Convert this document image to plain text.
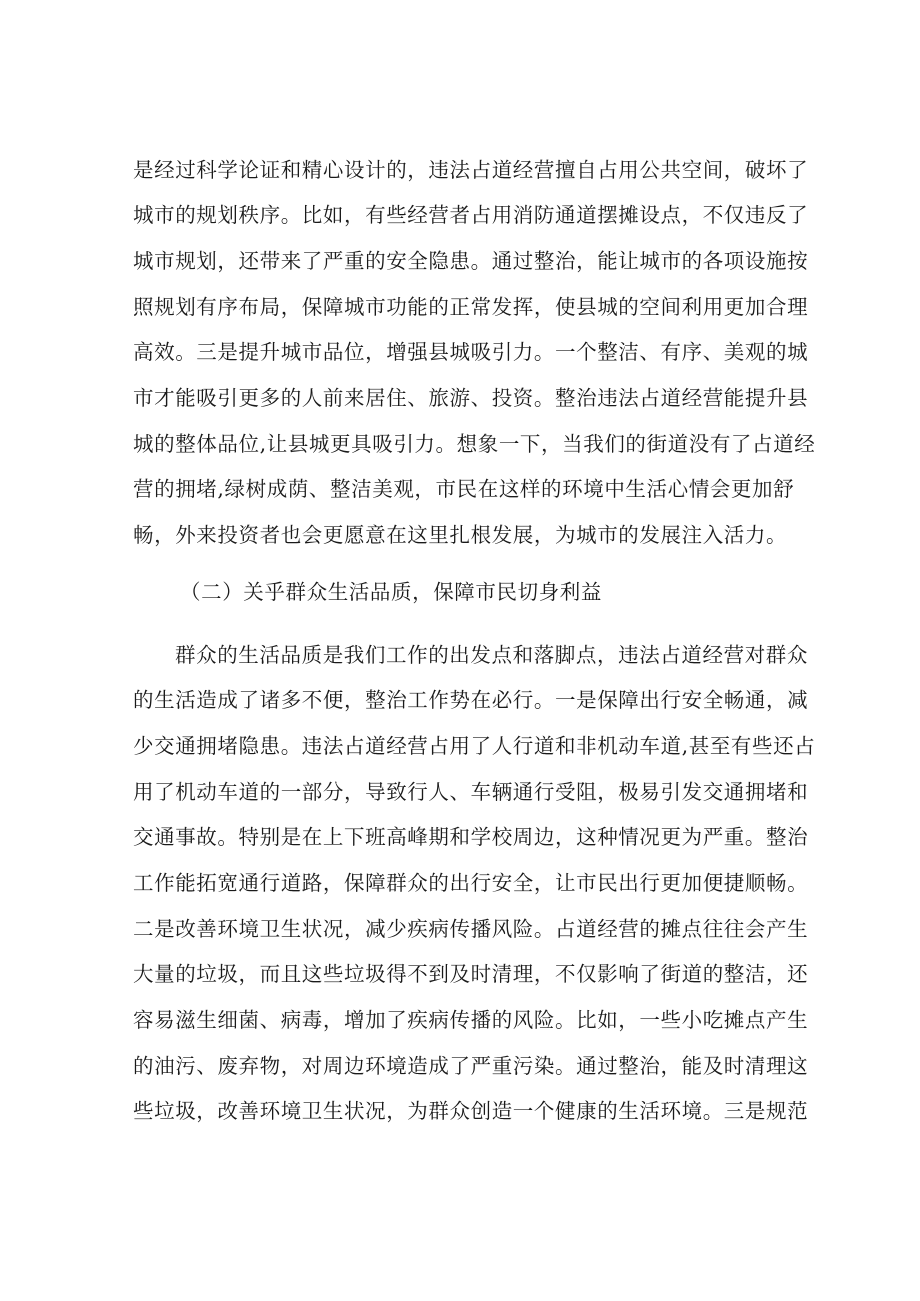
是经过科学论证和精心设计的，违法占道经营擅自占用公共空间，破坏了
城市的规划秩序。比如，有些经营者占用消防通道摆摊设点，不仅违反了
城市规划，还带来了严重的安全隐患。通过整治，能让城市的各项设施按
照规划有序布局，保障城市功能的正常发挥，使县城的空间利用更加合理
高效。三是提升城市品位，增强县城吸引力。一个整洁、有序、美观的城
市才能吸引更多的人前来居住、旅游、投资。整治违法占道经营能提升县
城的整体品位,让县城更具吸引力。想象一下，当我们的街道没有了占道经
营的拥堵,绿树成荫、整洁美观，市民在这样的环境中生活心情会更加舒
畅，外来投资者也会更愿意在这里扎根发展，为城市的发展注入活力。
（二）关乎群众生活品质，保障市民切身利益
群众的生活品质是我们工作的出发点和落脚点，违法占道经营对群众
的生活造成了诸多不便，整治工作势在必行。一是保障出行安全畅通，减
少交通拥堵隐患。违法占道经营占用了人行道和非机动车道,甚至有些还占
用了机动车道的一部分，导致行人、车辆通行受阻，极易引发交通拥堵和
交通事故。特别是在上下班高峰期和学校周边，这种情况更为严重。整治
工作能拓宽通行道路，保障群众的出行安全，让市民出行更加便捷顺畅。
二是改善环境卫生状况，减少疾病传播风险。占道经营的摊点往往会产生
大量的垃圾，而且这些垃圾得不到及时清理，不仅影响了街道的整洁，还
容易滋生细菌、病毒，增加了疾病传播的风险。比如，一些小吃摊点产生
的油污、废弃物，对周边环境造成了严重污染。通过整治，能及时清理这
些垃圾，改善环境卫生状况，为群众创造一个健康的生活环境。三是规范
